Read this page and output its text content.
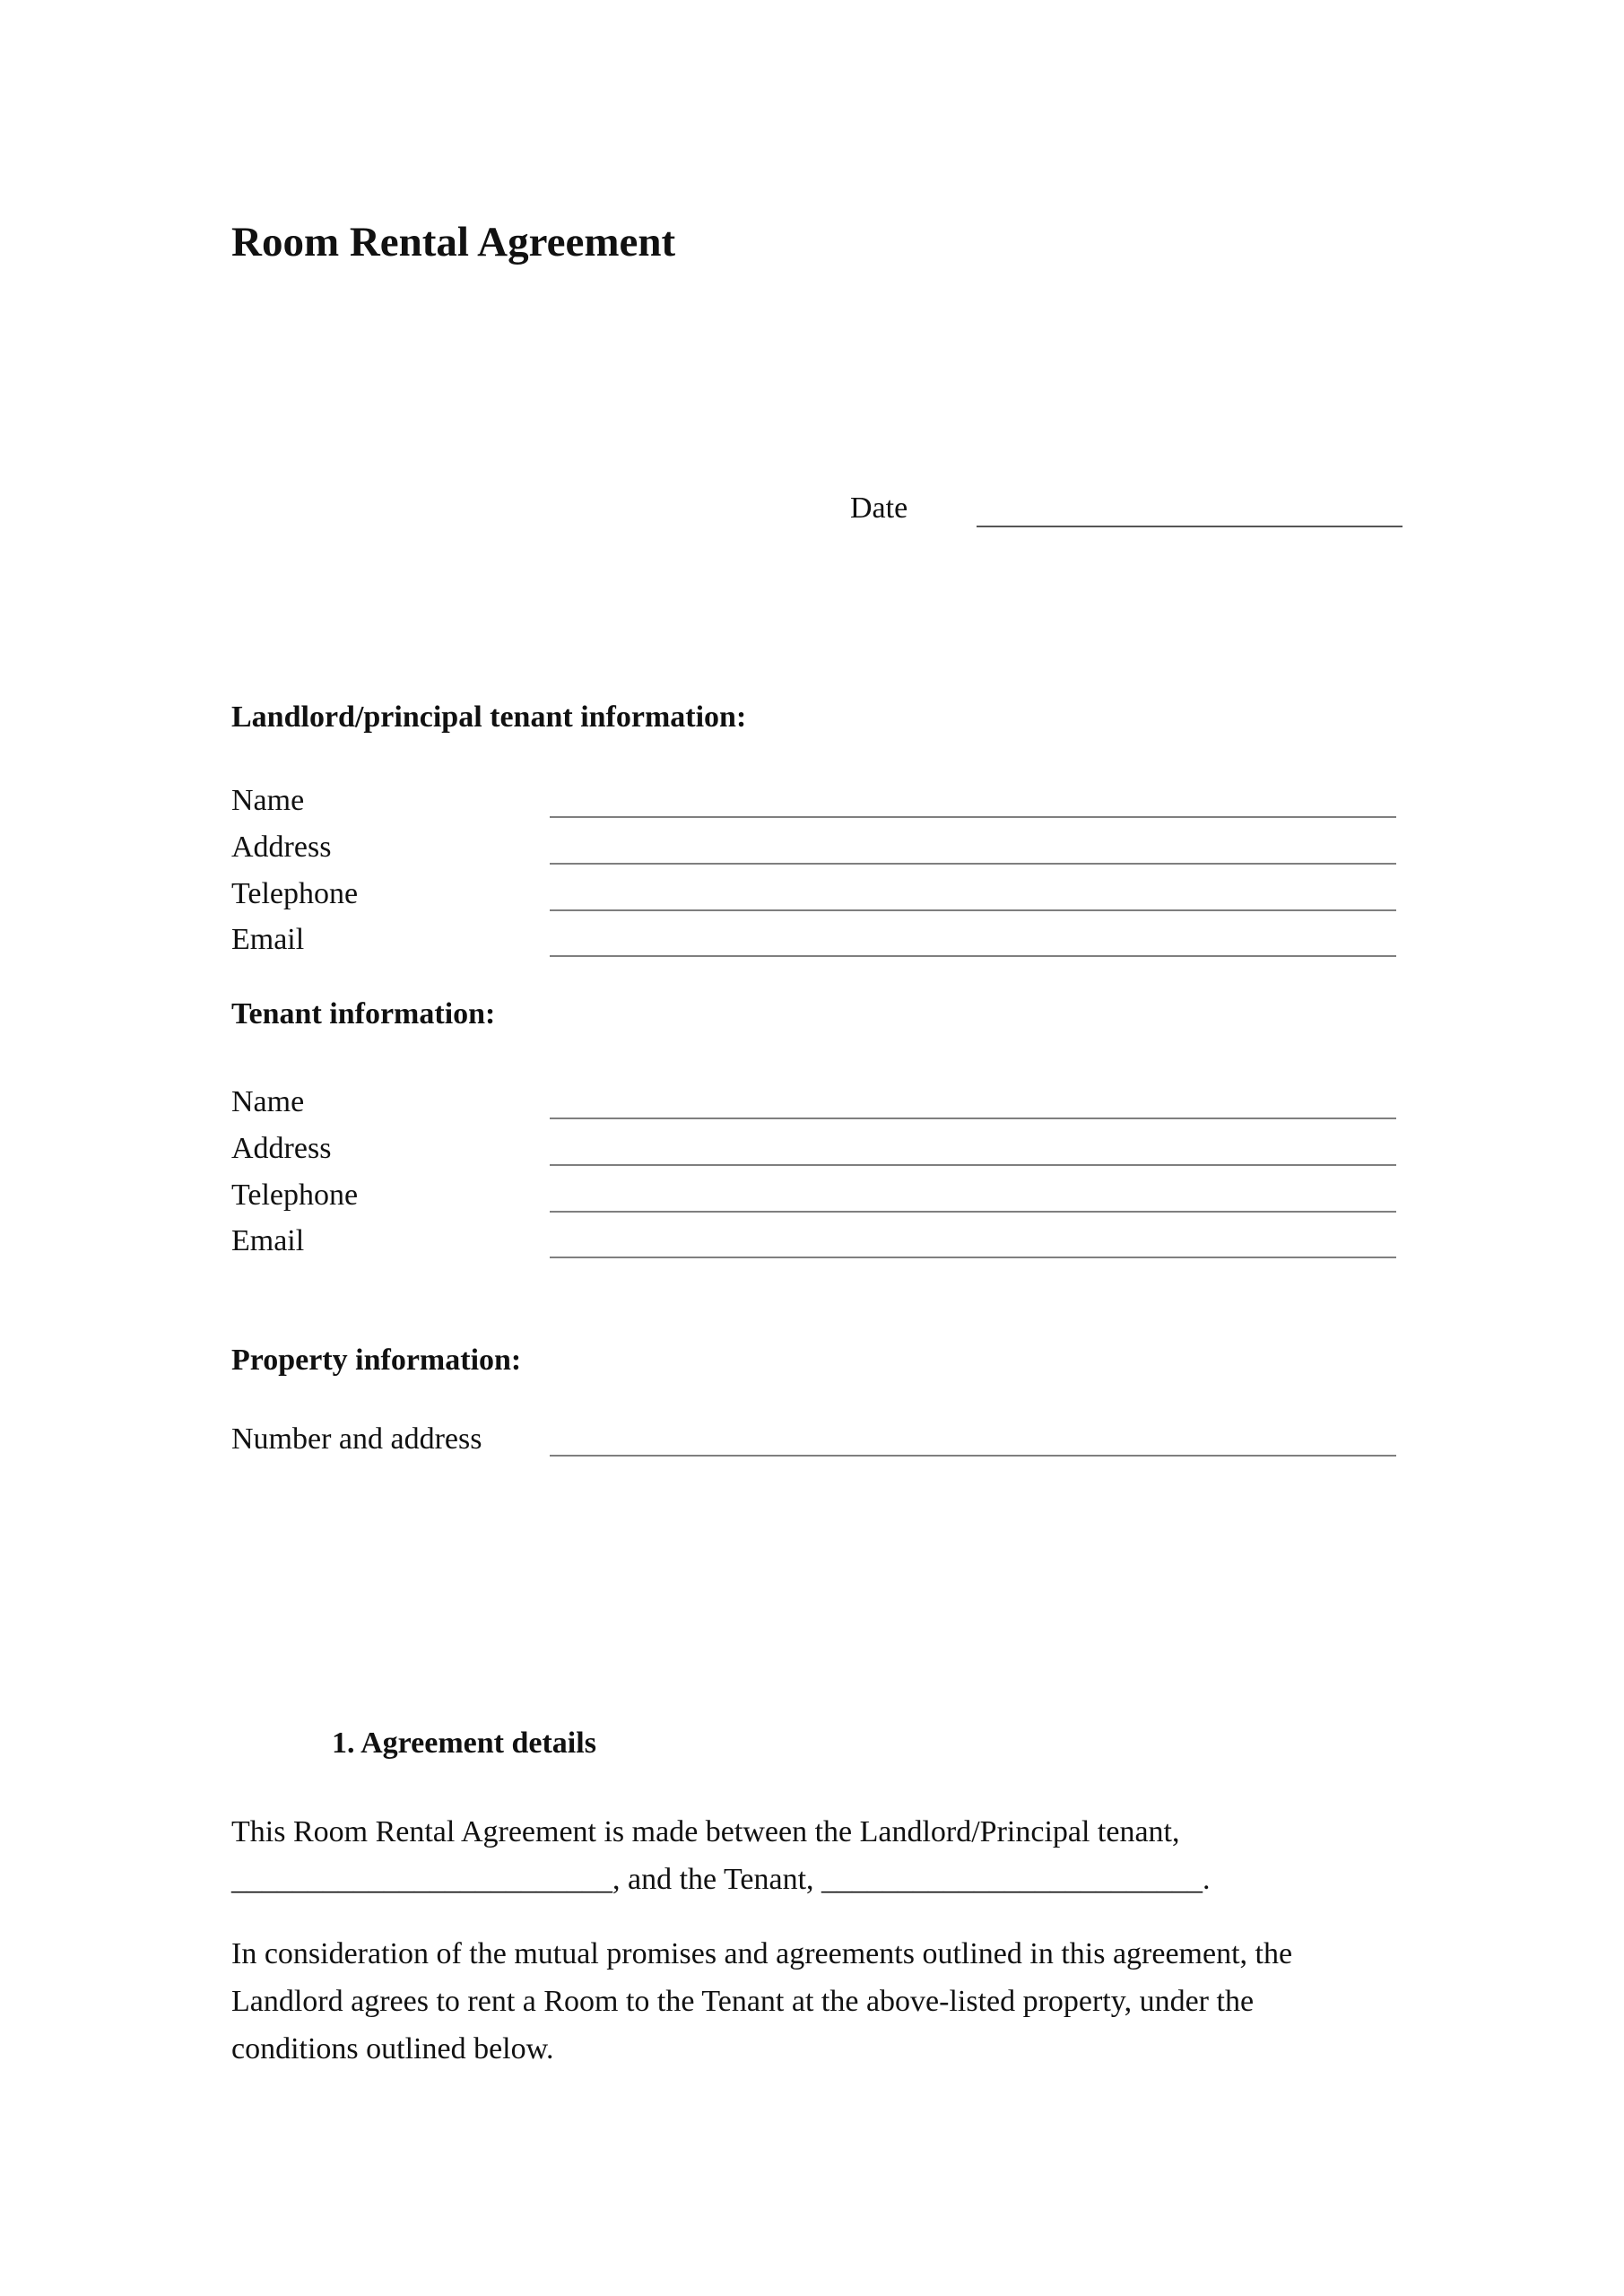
Room Rental Agreement
Date
Landlord/principal tenant information:
Name
Address
Telephone
Email
Tenant information:
Name
Address
Telephone
Email
Property information:
Number and address
1. Agreement details
This Room Rental Agreement is made between the Landlord/Principal tenant,
_________________________, and the Tenant, _________________________.
In consideration of the mutual promises and agreements outlined in this agreement, the
Landlord agrees to rent a Room to the Tenant at the above-listed property, under the
conditions outlined below.
